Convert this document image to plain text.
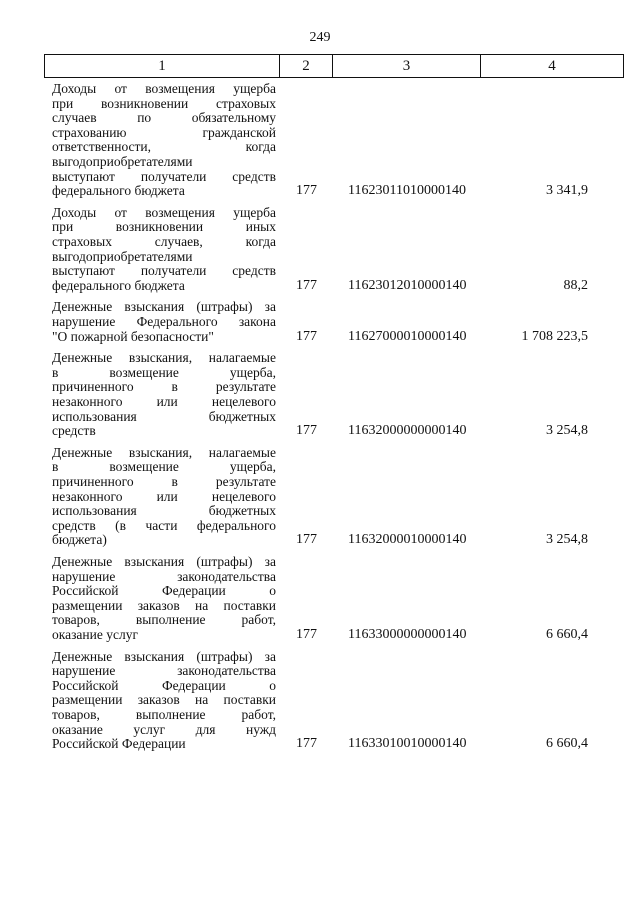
249
1	2	3	4
Доходы от возмещения ущерба
при возникновении страховых
случаев по обязательному
страхованию гражданской
ответственности, когда
выгодоприобретателями
выступают получатели средств
федерального бюджета	177 11623011010000140	3 341,9
Доходы от возмещения ущерба
при возникновении иных
страховых случаев, когда
выгодоприобретателями
выступают получатели средств
федерального бюджета	177 11623012010000140	88,2
Денежные взыскания (штрафы) за
нарушение Федерального закона
"О пожарной безопасности"	177 11627000010000140	1 708 223,5
Денежные взыскания, налагаемые
в возмещение ущерба,
причиненного в результате
незаконного или нецелевого
использования бюджетных
средств	177 11632000000000140	3 254,8
Денежные взыскания, налагаемые
в возмещение ущерба,
причиненного в результате
незаконного или нецелевого
использования бюджетных
средств (в части федерального
бюджета)	177 11632000010000140	3 254,8
Денежные взыскания (штрафы) за
нарушение законодательства
Российской Федерации о
размещении заказов на поставки
товаров, выполнение работ,
оказание услуг	177 11633000000000140	6 660,4
Денежные взыскания (штрафы) за
нарушение законодательства
Российской Федерации о
размещении заказов на поставки
товаров, выполнение работ,
оказание услуг для нужд
Российской Федерации	177 11633010010000140	6 660,4
